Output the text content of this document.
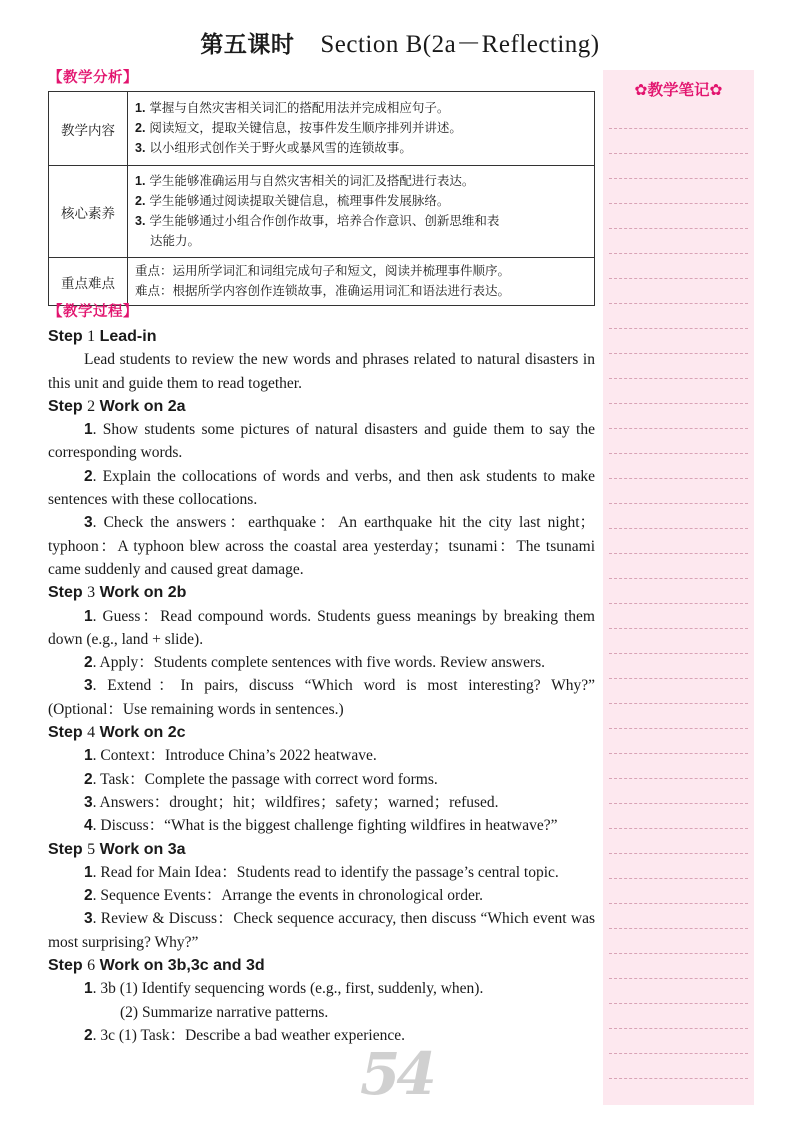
第五课时 Section B(2a－Reflecting)
【教学分析】
教学内容	1. 掌握与自然灾害相关词汇的搭配用法并完成相应句子。
2. 阅读短文，提取关键信息，按事件发生顺序排列并讲述。
3. 以小组形式创作关于野火或暴风雪的连锁故事。

核心素养	1. 学生能够准确运用与自然灾害相关的词汇及搭配进行表达。
2. 学生能够通过阅读提取关键信息，梳理事件发展脉络。
3. 学生能够通过小组合作创作故事，培养合作意识、创新思维和表
达能力。

重点难点	重点：运用所学词汇和词组完成句子和短文，阅读并梳理事件顺序。
难点：根据所学内容创作连锁故事，准确运用词汇和语法进行表达。
【教学过程】
Step 1 Lead-in
Lead students to review the new words and phrases related to natural disasters in this unit and guide them to read together.
Step 2 Work on 2a
1. Show students some pictures of natural disasters and guide them to say the corresponding words.
2. Explain the collocations of words and verbs, and then ask students to make sentences with these collocations.
3. Check the answers：earthquake：An earthquake hit the city last night；typhoon：A typhoon blew across the coastal area yesterday；tsunami：The tsunami came suddenly and caused great damage.
Step 3 Work on 2b
1. Guess：Read compound words. Students guess meanings by breaking them down (e.g., land + slide).
2. Apply：Students complete sentences with five words. Review answers.
3. Extend：In pairs, discuss “Which word is most interesting? Why?” (Optional：Use remaining words in sentences.)
Step 4 Work on 2c
1. Context：Introduce China’s 2022 heatwave.
2. Task：Complete the passage with correct word forms.
3. Answers：drought；hit；wildfires；safety；warned；refused.
4. Discuss：“What is the biggest challenge fighting wildfires in heatwave?”
Step 5 Work on 3a
1. Read for Main Idea：Students read to identify the passage’s central topic.
2. Sequence Events：Arrange the events in chronological order.
3. Review & Discuss：Check sequence accuracy, then discuss “Which event was most surprising? Why?”
Step 6 Work on 3b,3c and 3d
1. 3b (1) Identify sequencing words (e.g., first, suddenly, when).
(2) Summarize narrative patterns.
2. 3c (1) Task：Describe a bad weather experience.
✿教学笔记✿
54
